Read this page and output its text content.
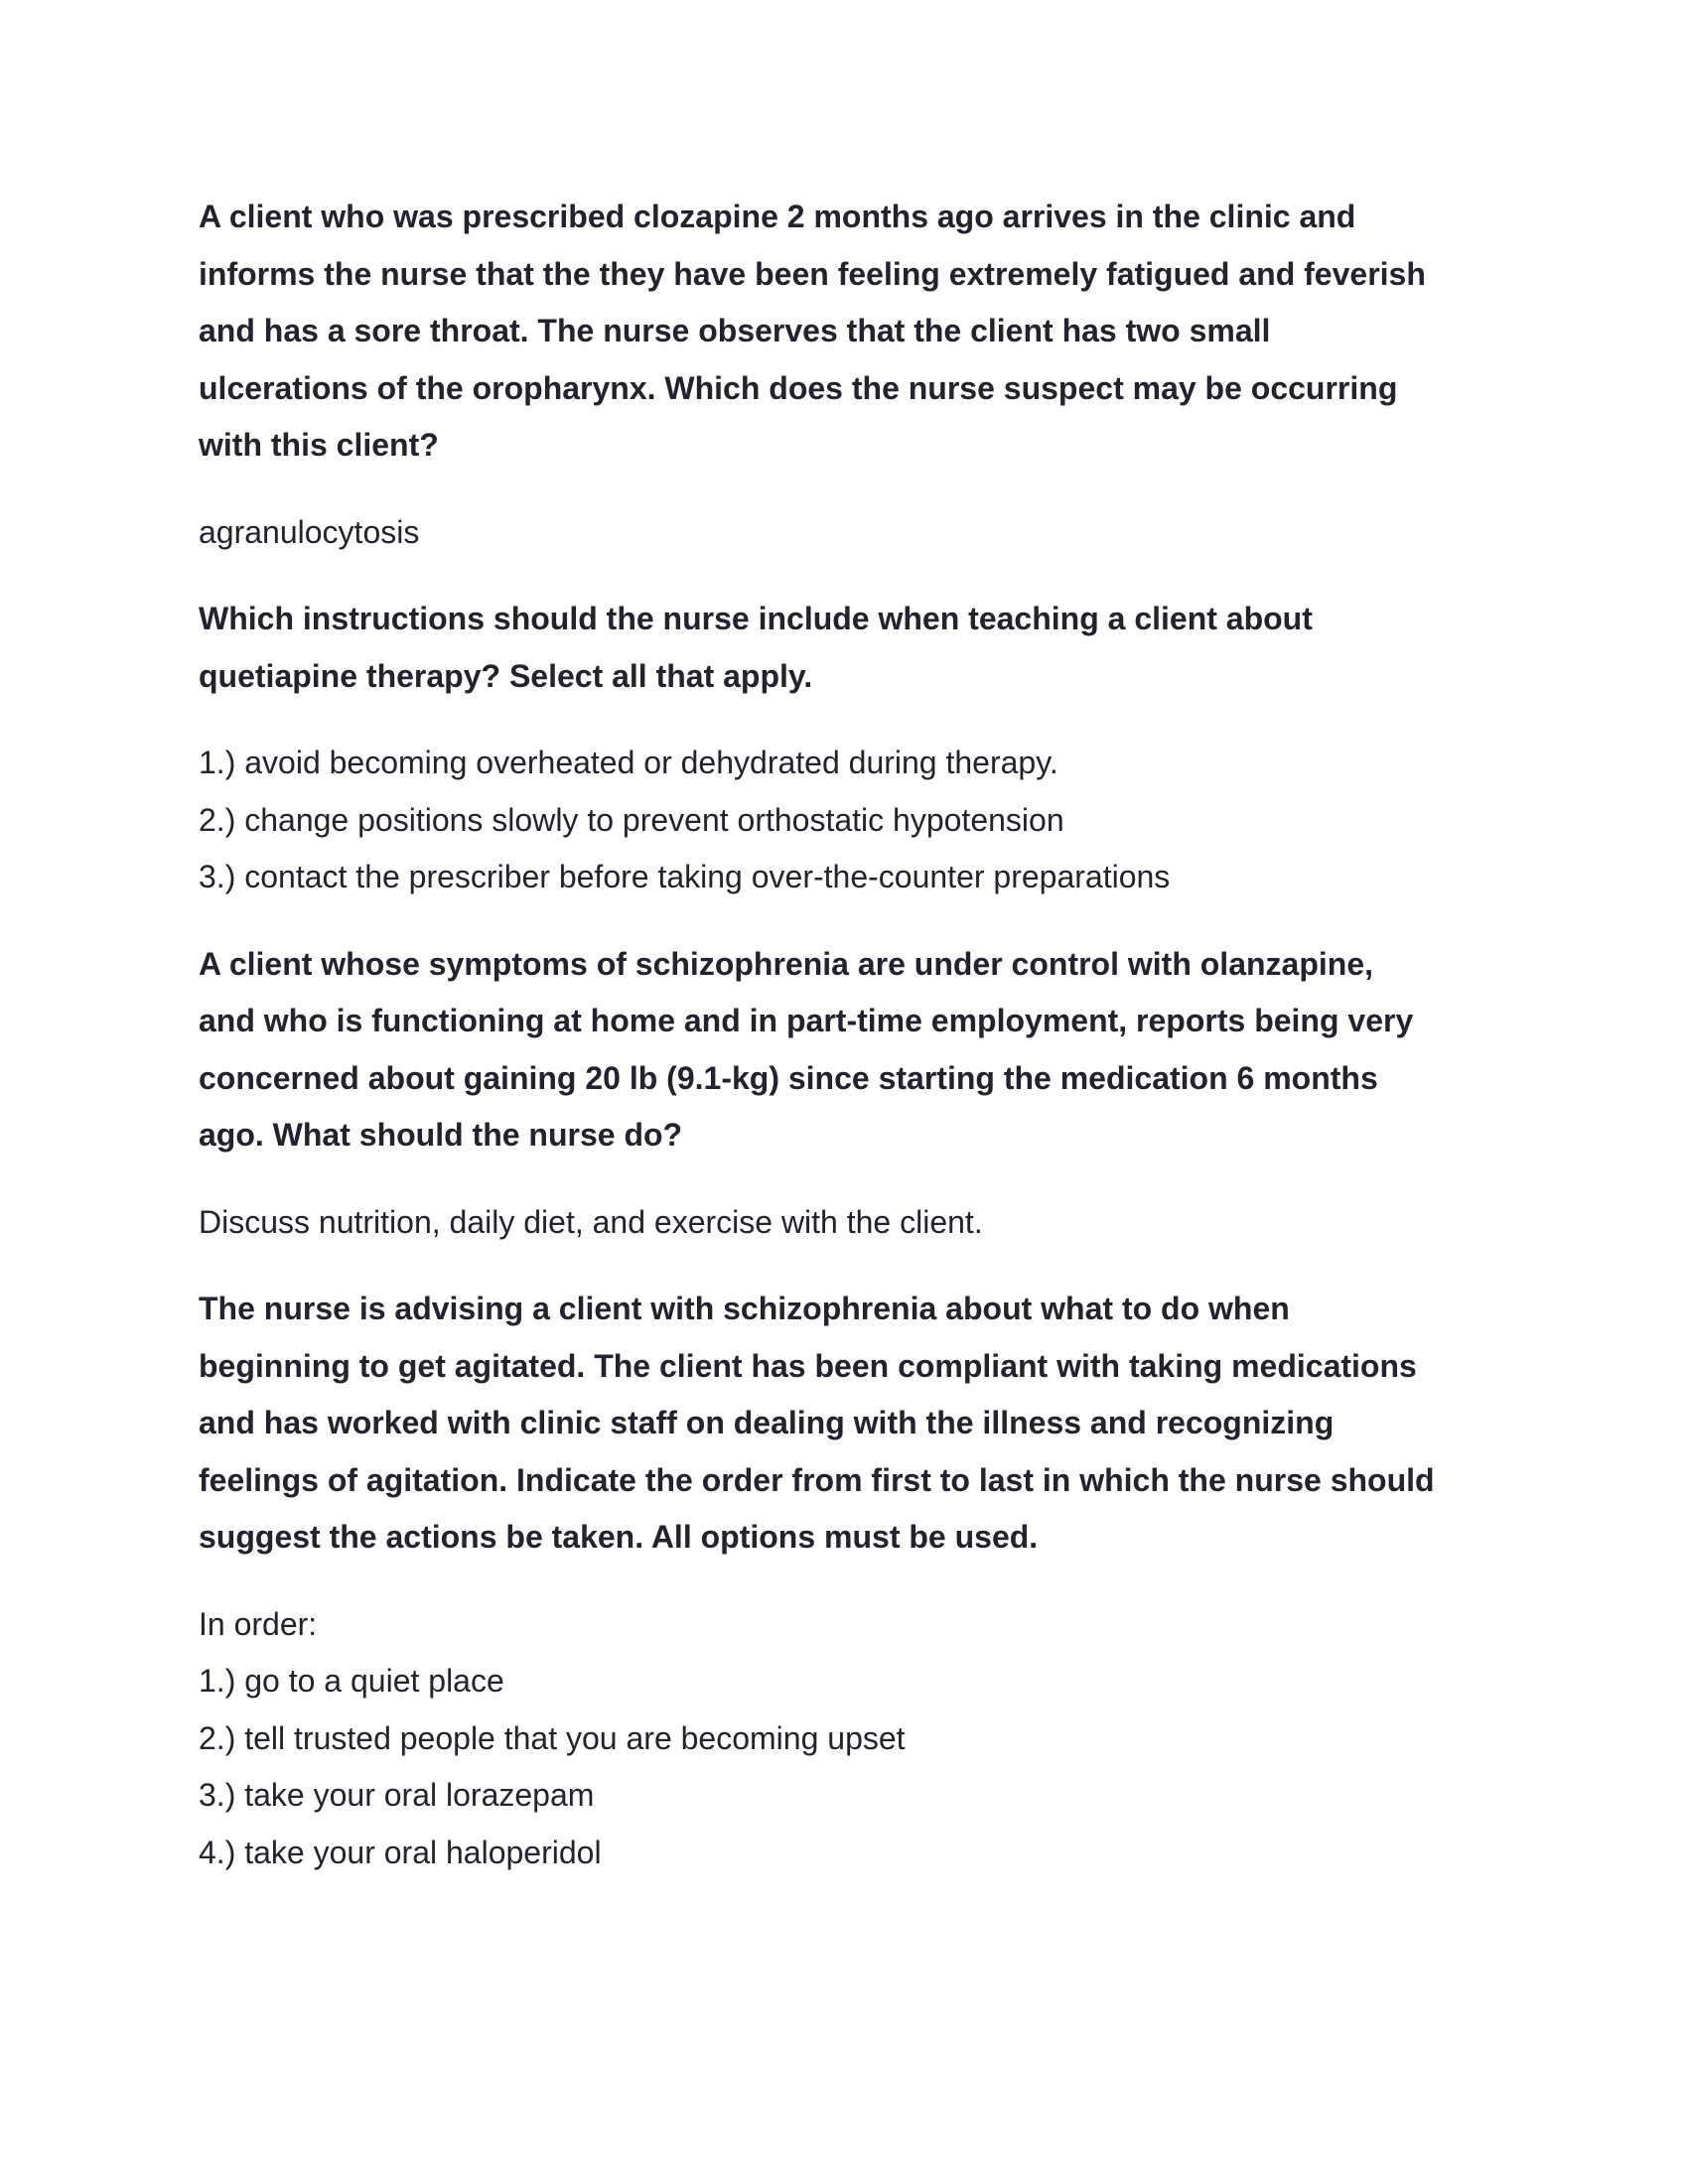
A client who was prescribed clozapine 2 months ago arrives in the clinic and

informs the nurse that the they have been feeling extremely fatigued and feverish

and has a sore throat. The nurse observes that the client has two small

ulcerations of the oropharynx. Which does the nurse suspect may be occurring

with this client?

agranulocytosis

Which instructions should the nurse include when teaching a client about

quetiapine therapy? Select all that apply.

1.) avoid becoming overheated or dehydrated during therapy.
2.) change positions slowly to prevent orthostatic hypotension
3.) contact the prescriber before taking over-the-counter preparations

A client whose symptoms of schizophrenia are under control with olanzapine,

and who is functioning at home and in part-time employment, reports being very

concerned about gaining 20 lb (9.1-kg) since starting the medication 6 months

ago. What should the nurse do?

Discuss nutrition, daily diet, and exercise with the client.

The nurse is advising a client with schizophrenia about what to do when

beginning to get agitated. The client has been compliant with taking medications

and has worked with clinic staff on dealing with the illness and recognizing

feelings of agitation. Indicate the order from first to last in which the nurse should

suggest the actions be taken. All options must be used.

In order:

1.) go to a quiet place
2.) tell trusted people that you are becoming upset
3.) take your oral lorazepam
4.) take your oral haloperidol
